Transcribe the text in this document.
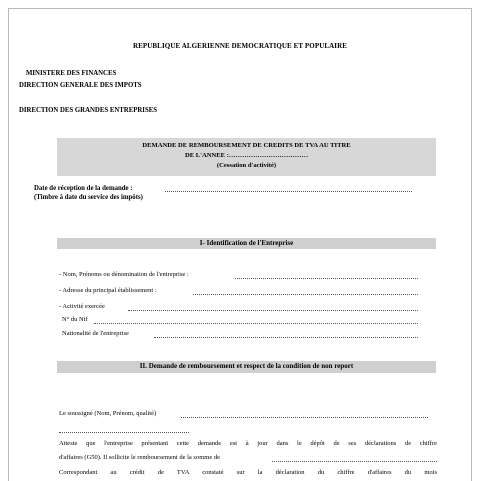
REPUBLIQUE ALGERIENNE DEMOCRATIQUE ET POPULAIRE
MINISTERE DES FINANCES
DIRECTION GENERALE DES IMPOTS
DIRECTION DES GRANDES ENTREPRISES
DEMANDE DE REMBOURSEMENT DE CREDITS DE TVA AU TITRE
DE L'ANNEE :………………………………
(Cessation d'activité)
Date de réception de la demande :
(Timbre à date du service des impôts)
I- Identification de l'Entreprise
- Nom, Prénoms ou dénomination de l'entreprise :
- Adresse du principal établissement :
- Activité exercée
N° du Nif
Nationalité de l'entreprise
II. Demande de remboursement et respect de la condition de non report
Le soussigné (Nom, Prénom, qualité)
Atteste que l'entreprise présentant cette demande est à jour dans le dépôt de ses déclarations de chiffre
d'affaires (G50). Il sollicite le remboursement de la somme de
Correspondant au crédit de TVA constaté sur la déclaration du chiffre d'affaires du mois
